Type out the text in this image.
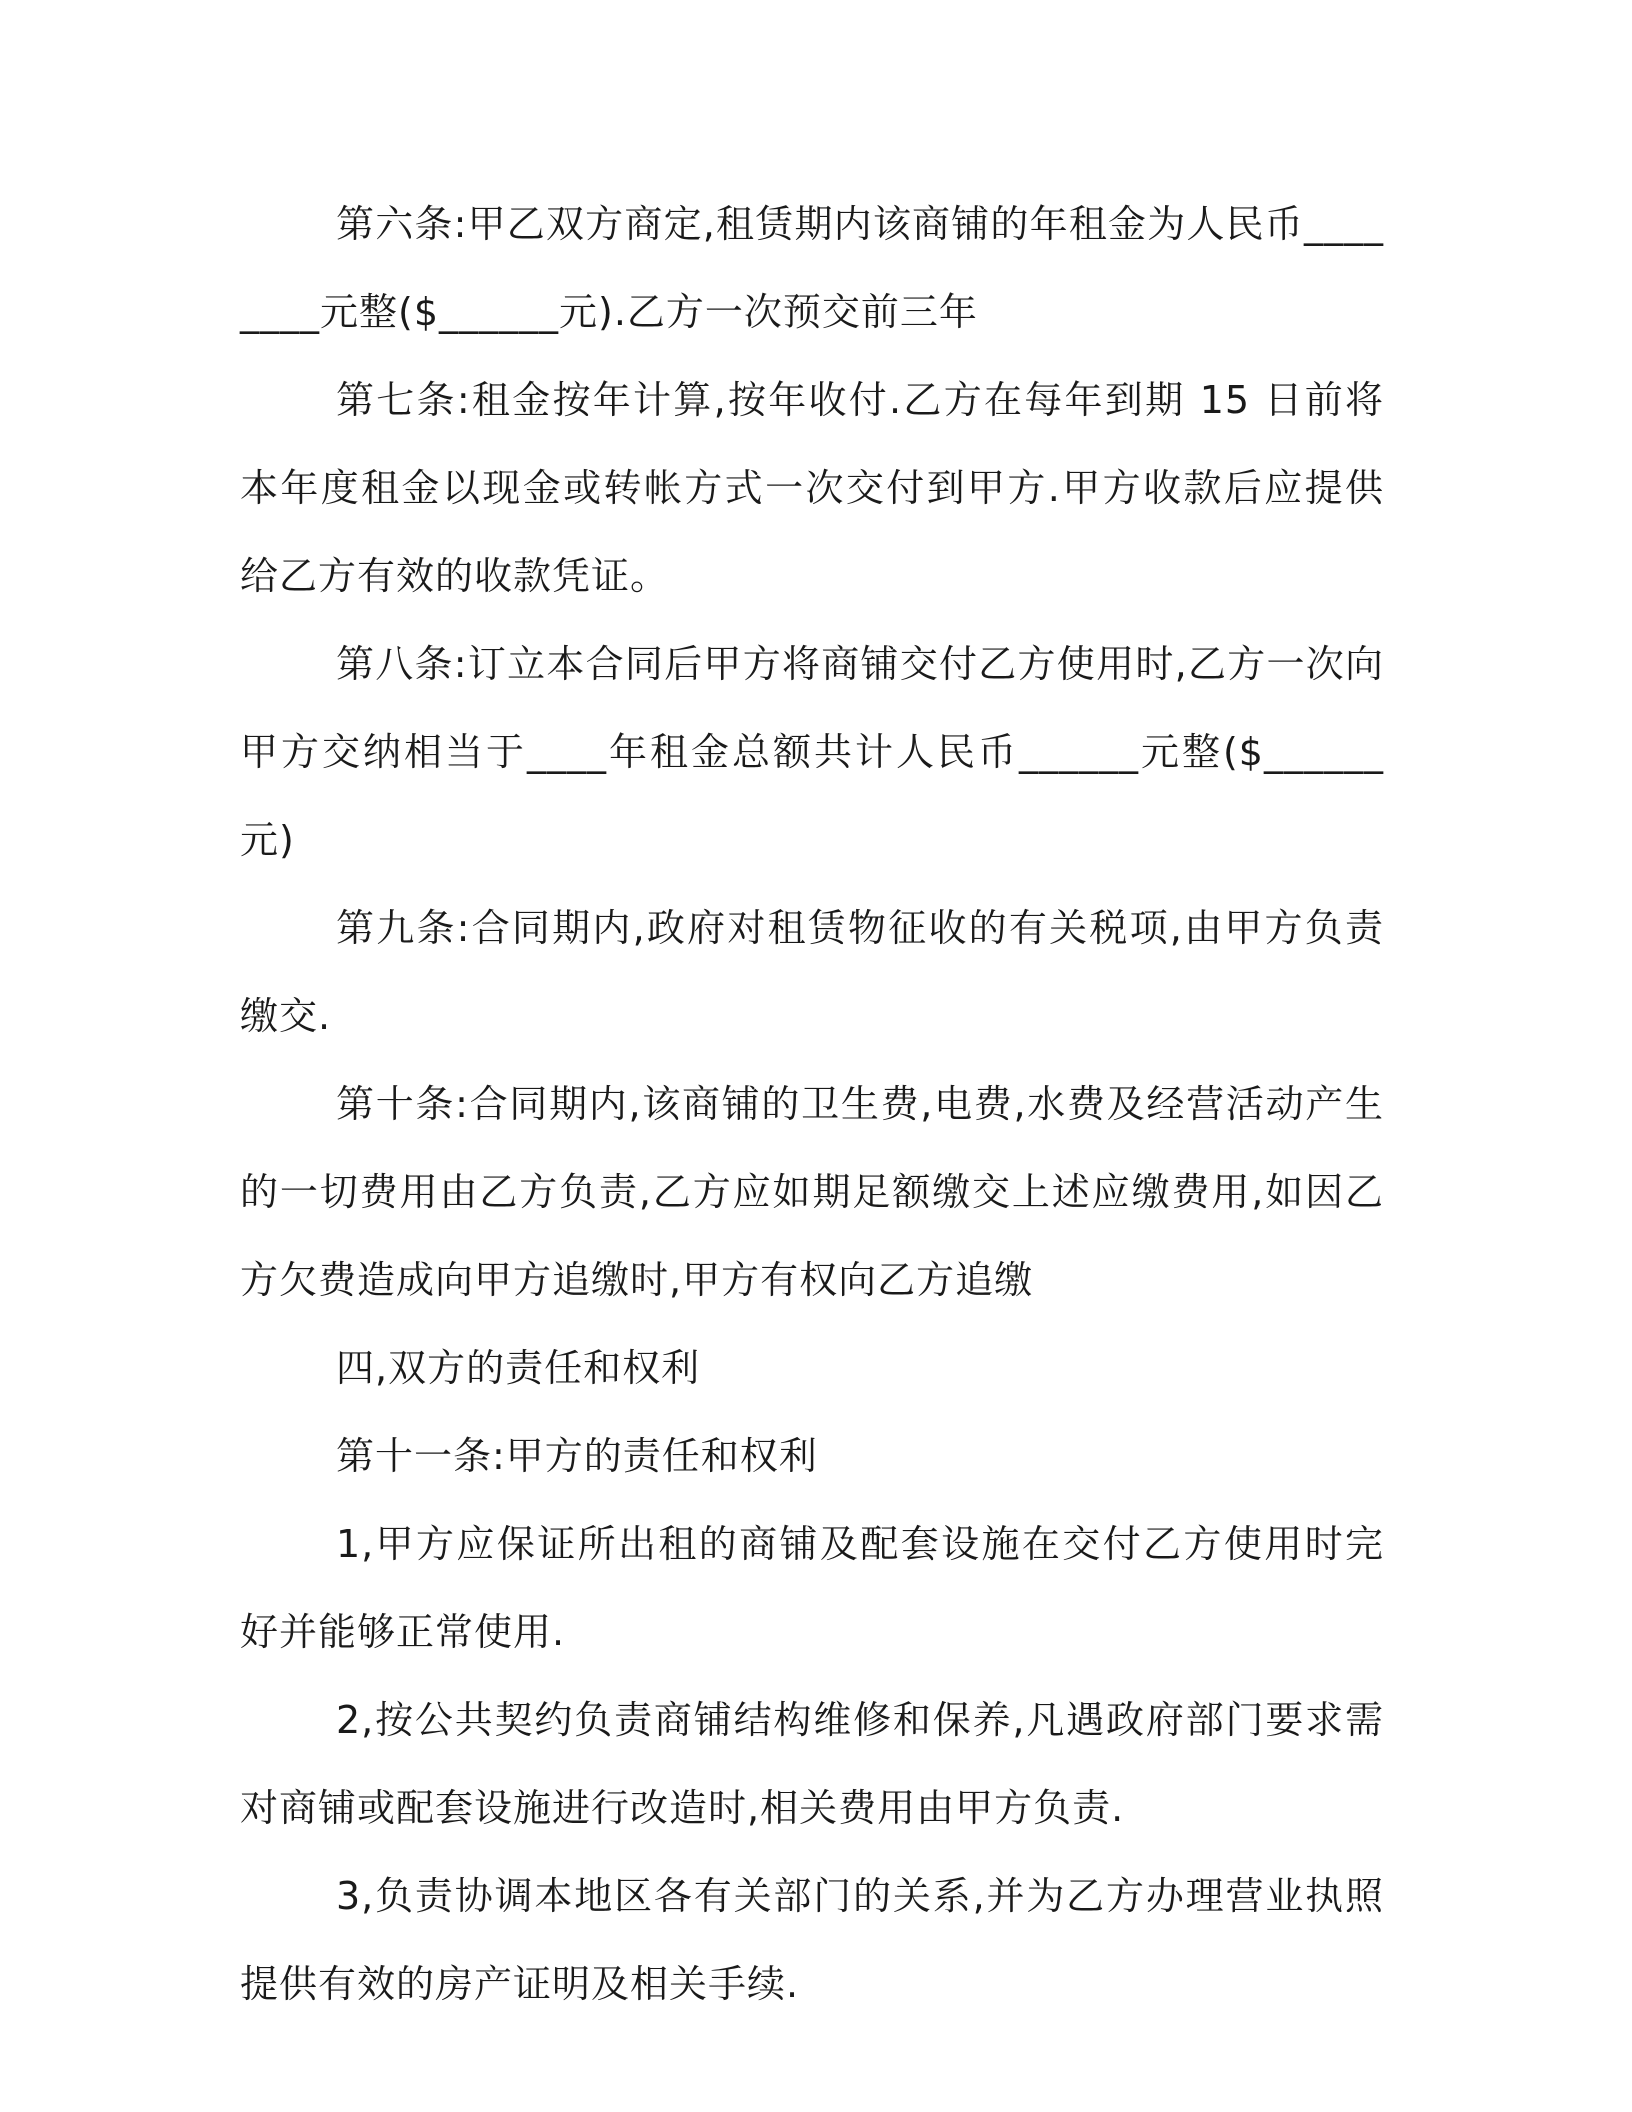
第六条:甲乙双方商定,租赁期内该商铺的年租金为人民币________元整($______元).乙方一次预交前三年

第七条:租金按年计算,按年收付.乙方在每年到期 15 日前将本年度租金以现金或转帐方式一次交付到甲方.甲方收款后应提供给乙方有效的收款凭证。

第八条:订立本合同后甲方将商铺交付乙方使用时,乙方一次向甲方交纳相当于____年租金总额共计人民币______元整($______元)

第九条:合同期内,政府对租赁物征收的有关税项,由甲方负责缴交.

第十条:合同期内,该商铺的卫生费,电费,水费及经营活动产生的一切费用由乙方负责,乙方应如期足额缴交上述应缴费用,如因乙方欠费造成向甲方追缴时,甲方有权向乙方追缴

四,双方的责任和权利

第十一条:甲方的责任和权利

1,甲方应保证所出租的商铺及配套设施在交付乙方使用时完好并能够正常使用.

2,按公共契约负责商铺结构维修和保养,凡遇政府部门要求需对商铺或配套设施进行改造时,相关费用由甲方负责.

3,负责协调本地区各有关部门的关系,并为乙方办理营业执照提供有效的房产证明及相关手续.
